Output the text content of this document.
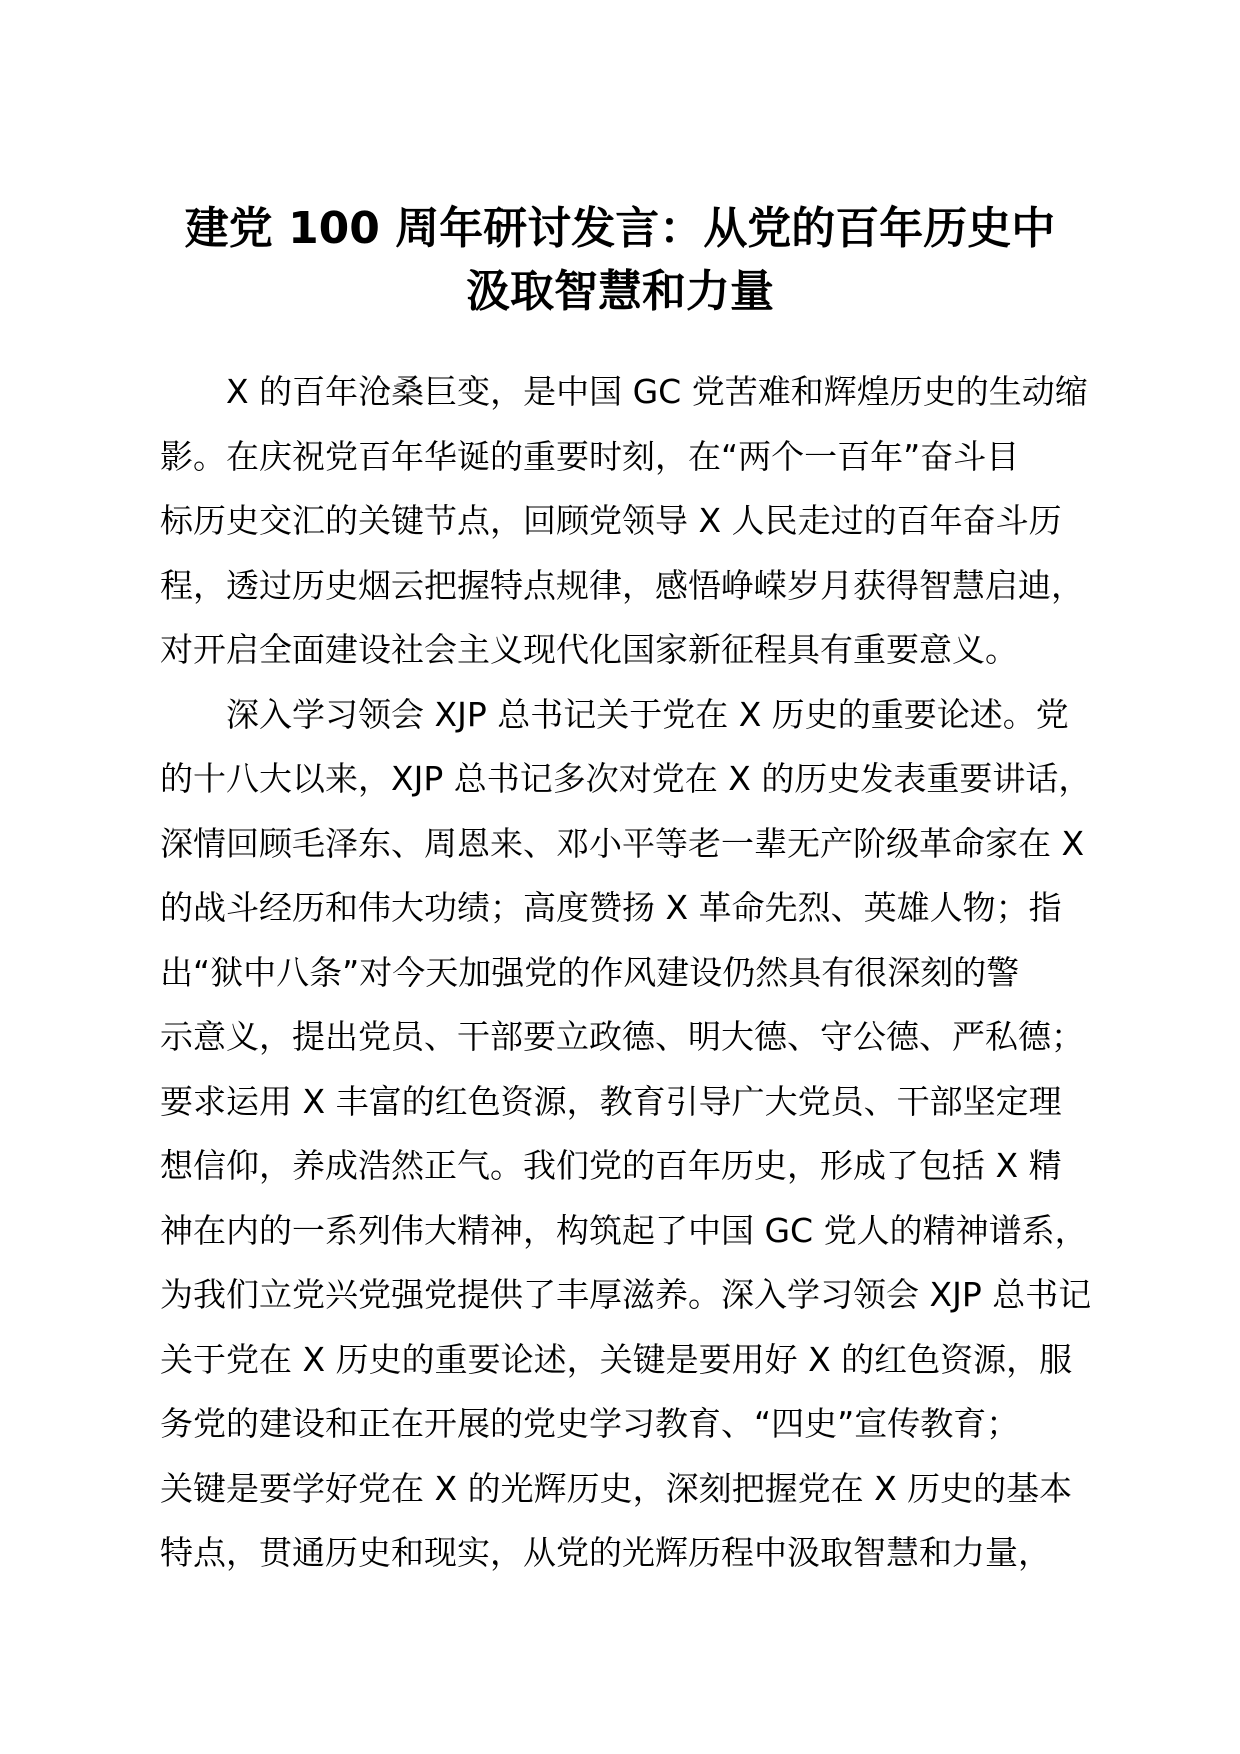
建党 100 周年研讨发言：从党的百年历史中
汲取智慧和力量
X 的百年沧桑巨变，是中国 GC 党苦难和辉煌历史的生动缩
影。在庆祝党百年华诞的重要时刻，在“两个一百年”奋斗目
标历史交汇的关键节点，回顾党领导 X 人民走过的百年奋斗历
程，透过历史烟云把握特点规律，感悟峥嵘岁月获得智慧启迪，
对开启全面建设社会主义现代化国家新征程具有重要意义。
深入学习领会 XJP 总书记关于党在 X 历史的重要论述。党
的十八大以来，XJP 总书记多次对党在 X 的历史发表重要讲话，
深情回顾毛泽东、周恩来、邓小平等老一辈无产阶级革命家在 X
的战斗经历和伟大功绩；高度赞扬 X 革命先烈、英雄人物；指
出“狱中八条”对今天加强党的作风建设仍然具有很深刻的警
示意义，提出党员、干部要立政德、明大德、守公德、严私德；
要求运用 X 丰富的红色资源，教育引导广大党员、干部坚定理
想信仰，养成浩然正气。我们党的百年历史，形成了包括 X 精
神在内的一系列伟大精神，构筑起了中国 GC 党人的精神谱系，
为我们立党兴党强党提供了丰厚滋养。深入学习领会 XJP 总书记
关于党在 X 历史的重要论述，关键是要用好 X 的红色资源，服
务党的建设和正在开展的党史学习教育、“四史”宣传教育；
关键是要学好党在 X 的光辉历史，深刻把握党在 X 历史的基本
特点，贯通历史和现实，从党的光辉历程中汲取智慧和力量，
